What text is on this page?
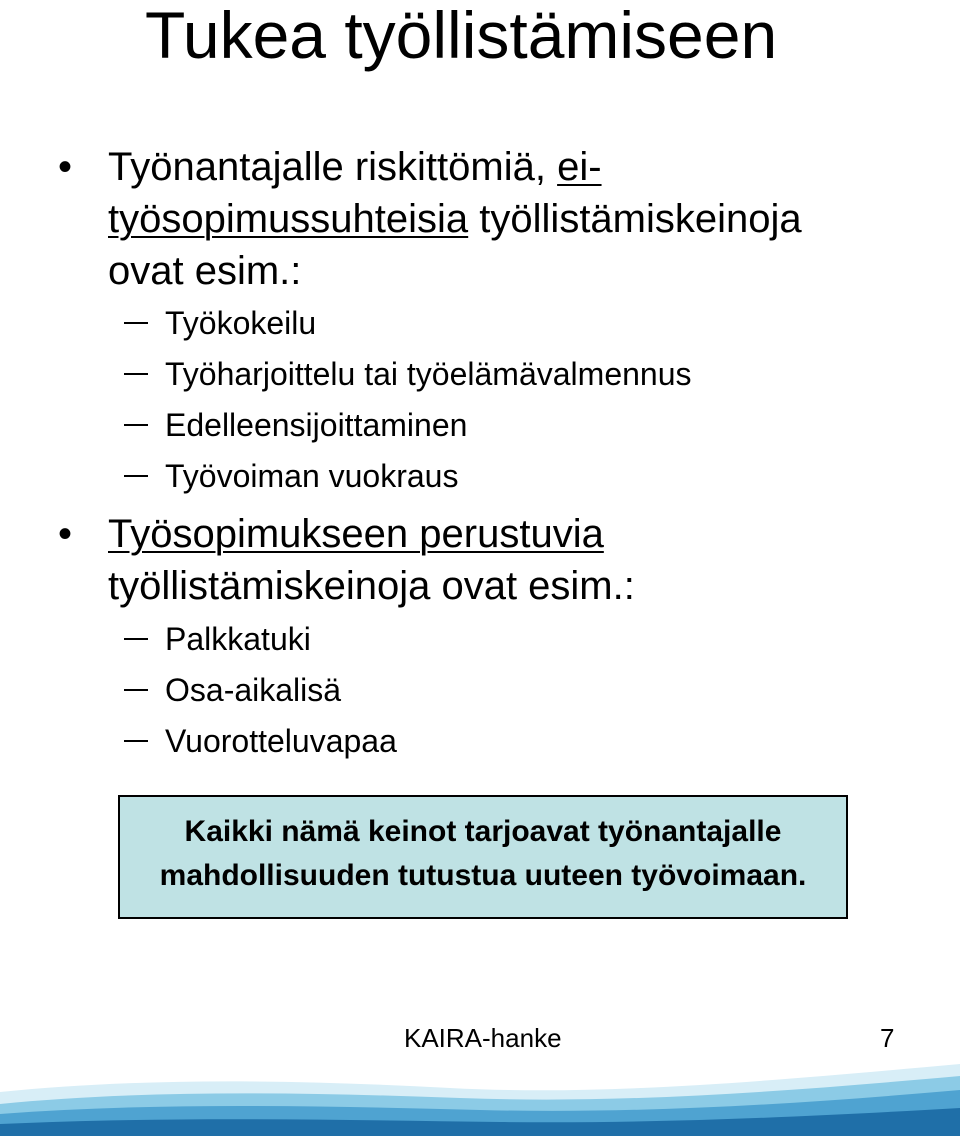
Tukea työllistämiseen
• Työnantajalle riskittömiä, ei-
työsopimussuhteisia työllistämiskeinoja
ovat esim.:
Työkokeilu
Työharjoittelu tai työelämävalmennus
Edelleensijoittaminen
Työvoiman vuokraus
• Työsopimukseen perustuvia
työllistämiskeinoja ovat esim.:
Palkkatuki
Osa-aikalisä
Vuorotteluvapaa
Kaikki nämä keinot tarjoavat työnantajalle
mahdollisuuden tutustua uuteen työvoimaan.
KAIRA-hanke	7
